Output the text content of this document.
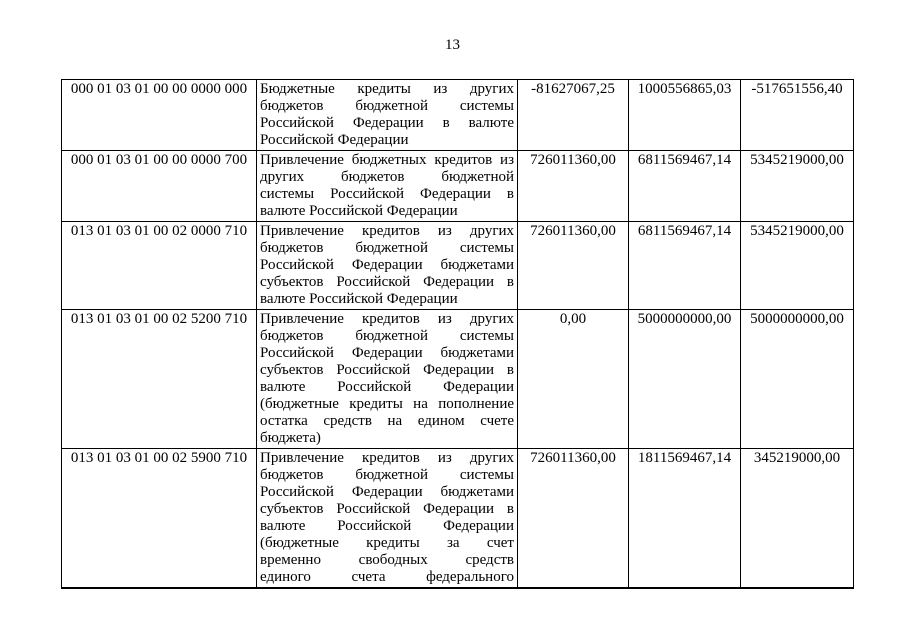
13
000 01 03 01 00 00 0000 000	Бюджетные кредиты из других
бюджетов бюджетной системы
Российской Федерации в валюте
Российской Федерации	-81627067,25	1000556865,03	-517651556,40
000 01 03 01 00 00 0000 700	Привлечение бюджетных кредитов из
других бюджетов бюджетной
системы Российской Федерации в
валюте Российской Федерации	726011360,00	6811569467,14	5345219000,00
013 01 03 01 00 02 0000 710	Привлечение кредитов из других
бюджетов бюджетной системы
Российской Федерации бюджетами
субъектов Российской Федерации в
валюте Российской Федерации	726011360,00	6811569467,14	5345219000,00
013 01 03 01 00 02 5200 710	Привлечение кредитов из других
бюджетов бюджетной системы
Российской Федерации бюджетами
субъектов Российской Федерации в
валюте Российской Федерации
(бюджетные кредиты на пополнение
остатка средств на едином счете
бюджета)
	0,00	5000000000,00	5000000000,00
013 01 03 01 00 02 5900 710	Привлечение кредитов из других
бюджетов бюджетной системы
Российской Федерации бюджетами
субъектов Российской Федерации в
валюте Российской Федерации
(бюджетные кредиты за счет
временно свободных средств
единого счета федерального
	726011360,00	1811569467,14	345219000,00
